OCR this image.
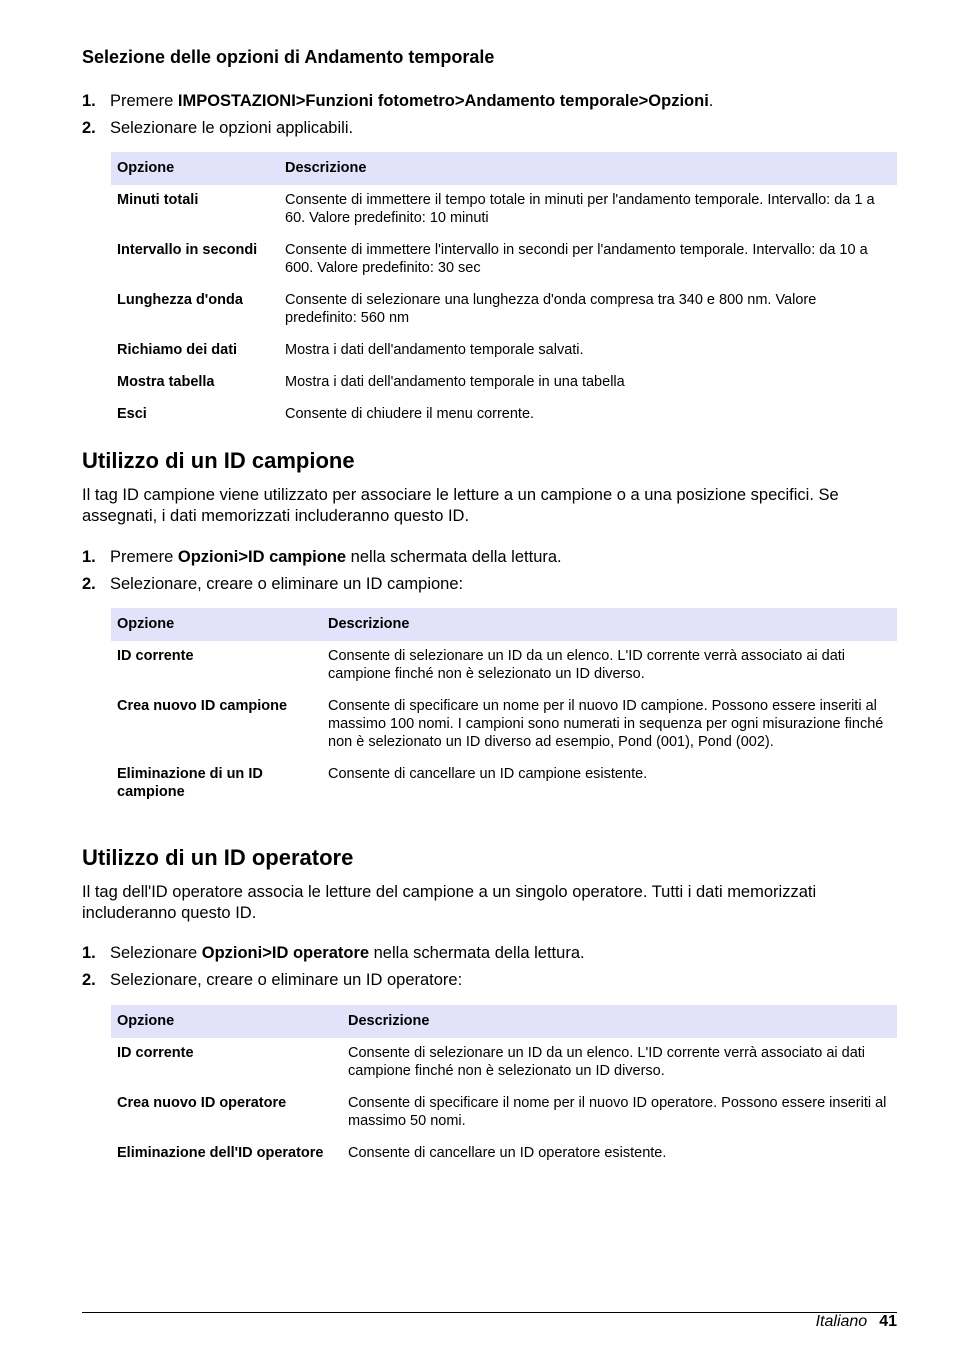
Selezione delle opzioni di Andamento temporale
1. Premere IMPOSTAZIONI>Funzioni fotometro>Andamento temporale>Opzioni.
2. Selezionare le opzioni applicabili.
Opzione	Descrizione
Minuti totali	Consente di immettere il tempo totale in minuti per l'andamento temporale. Intervallo: da 1 a 60. Valore predefinito: 10 minuti
Intervallo in secondi	Consente di immettere l'intervallo in secondi per l'andamento temporale. Intervallo: da 10 a 600. Valore predefinito: 30 sec
Lunghezza d'onda	Consente di selezionare una lunghezza d'onda compresa tra 340 e 800 nm. Valore predefinito: 560 nm
Richiamo dei dati	Mostra i dati dell'andamento temporale salvati.
Mostra tabella	Mostra i dati dell'andamento temporale in una tabella
Esci	Consente di chiudere il menu corrente.
Utilizzo di un ID campione

Il tag ID campione viene utilizzato per associare le letture a un campione o a una posizione specifici. Se assegnati, i dati memorizzati includeranno questo ID.

1. Premere Opzioni>ID campione nella schermata della lettura.
2. Selezionare, creare o eliminare un ID campione:
Opzione	Descrizione
ID corrente	Consente di selezionare un ID da un elenco. L'ID corrente verrà associato ai dati campione finché non è selezionato un ID diverso.
Crea nuovo ID campione	Consente di specificare un nome per il nuovo ID campione. Possono essere inseriti al massimo 100 nomi. I campioni sono numerati in sequenza per ogni misurazione finché non è selezionato un ID diverso ad esempio, Pond (001), Pond (002).
Eliminazione di un ID campione	Consente di cancellare un ID campione esistente.
Utilizzo di un ID operatore

Il tag dell'ID operatore associa le letture del campione a un singolo operatore. Tutti i dati memorizzati includeranno questo ID.

1. Selezionare Opzioni>ID operatore nella schermata della lettura.
2. Selezionare, creare o eliminare un ID operatore:
Opzione	Descrizione
ID corrente	Consente di selezionare un ID da un elenco. L'ID corrente verrà associato ai dati campione finché non è selezionato un ID diverso.
Crea nuovo ID operatore	Consente di specificare il nome per il nuovo ID operatore. Possono essere inseriti al massimo 50 nomi.
Eliminazione dell'ID operatore	Consente di cancellare un ID operatore esistente.
Italiano 41
